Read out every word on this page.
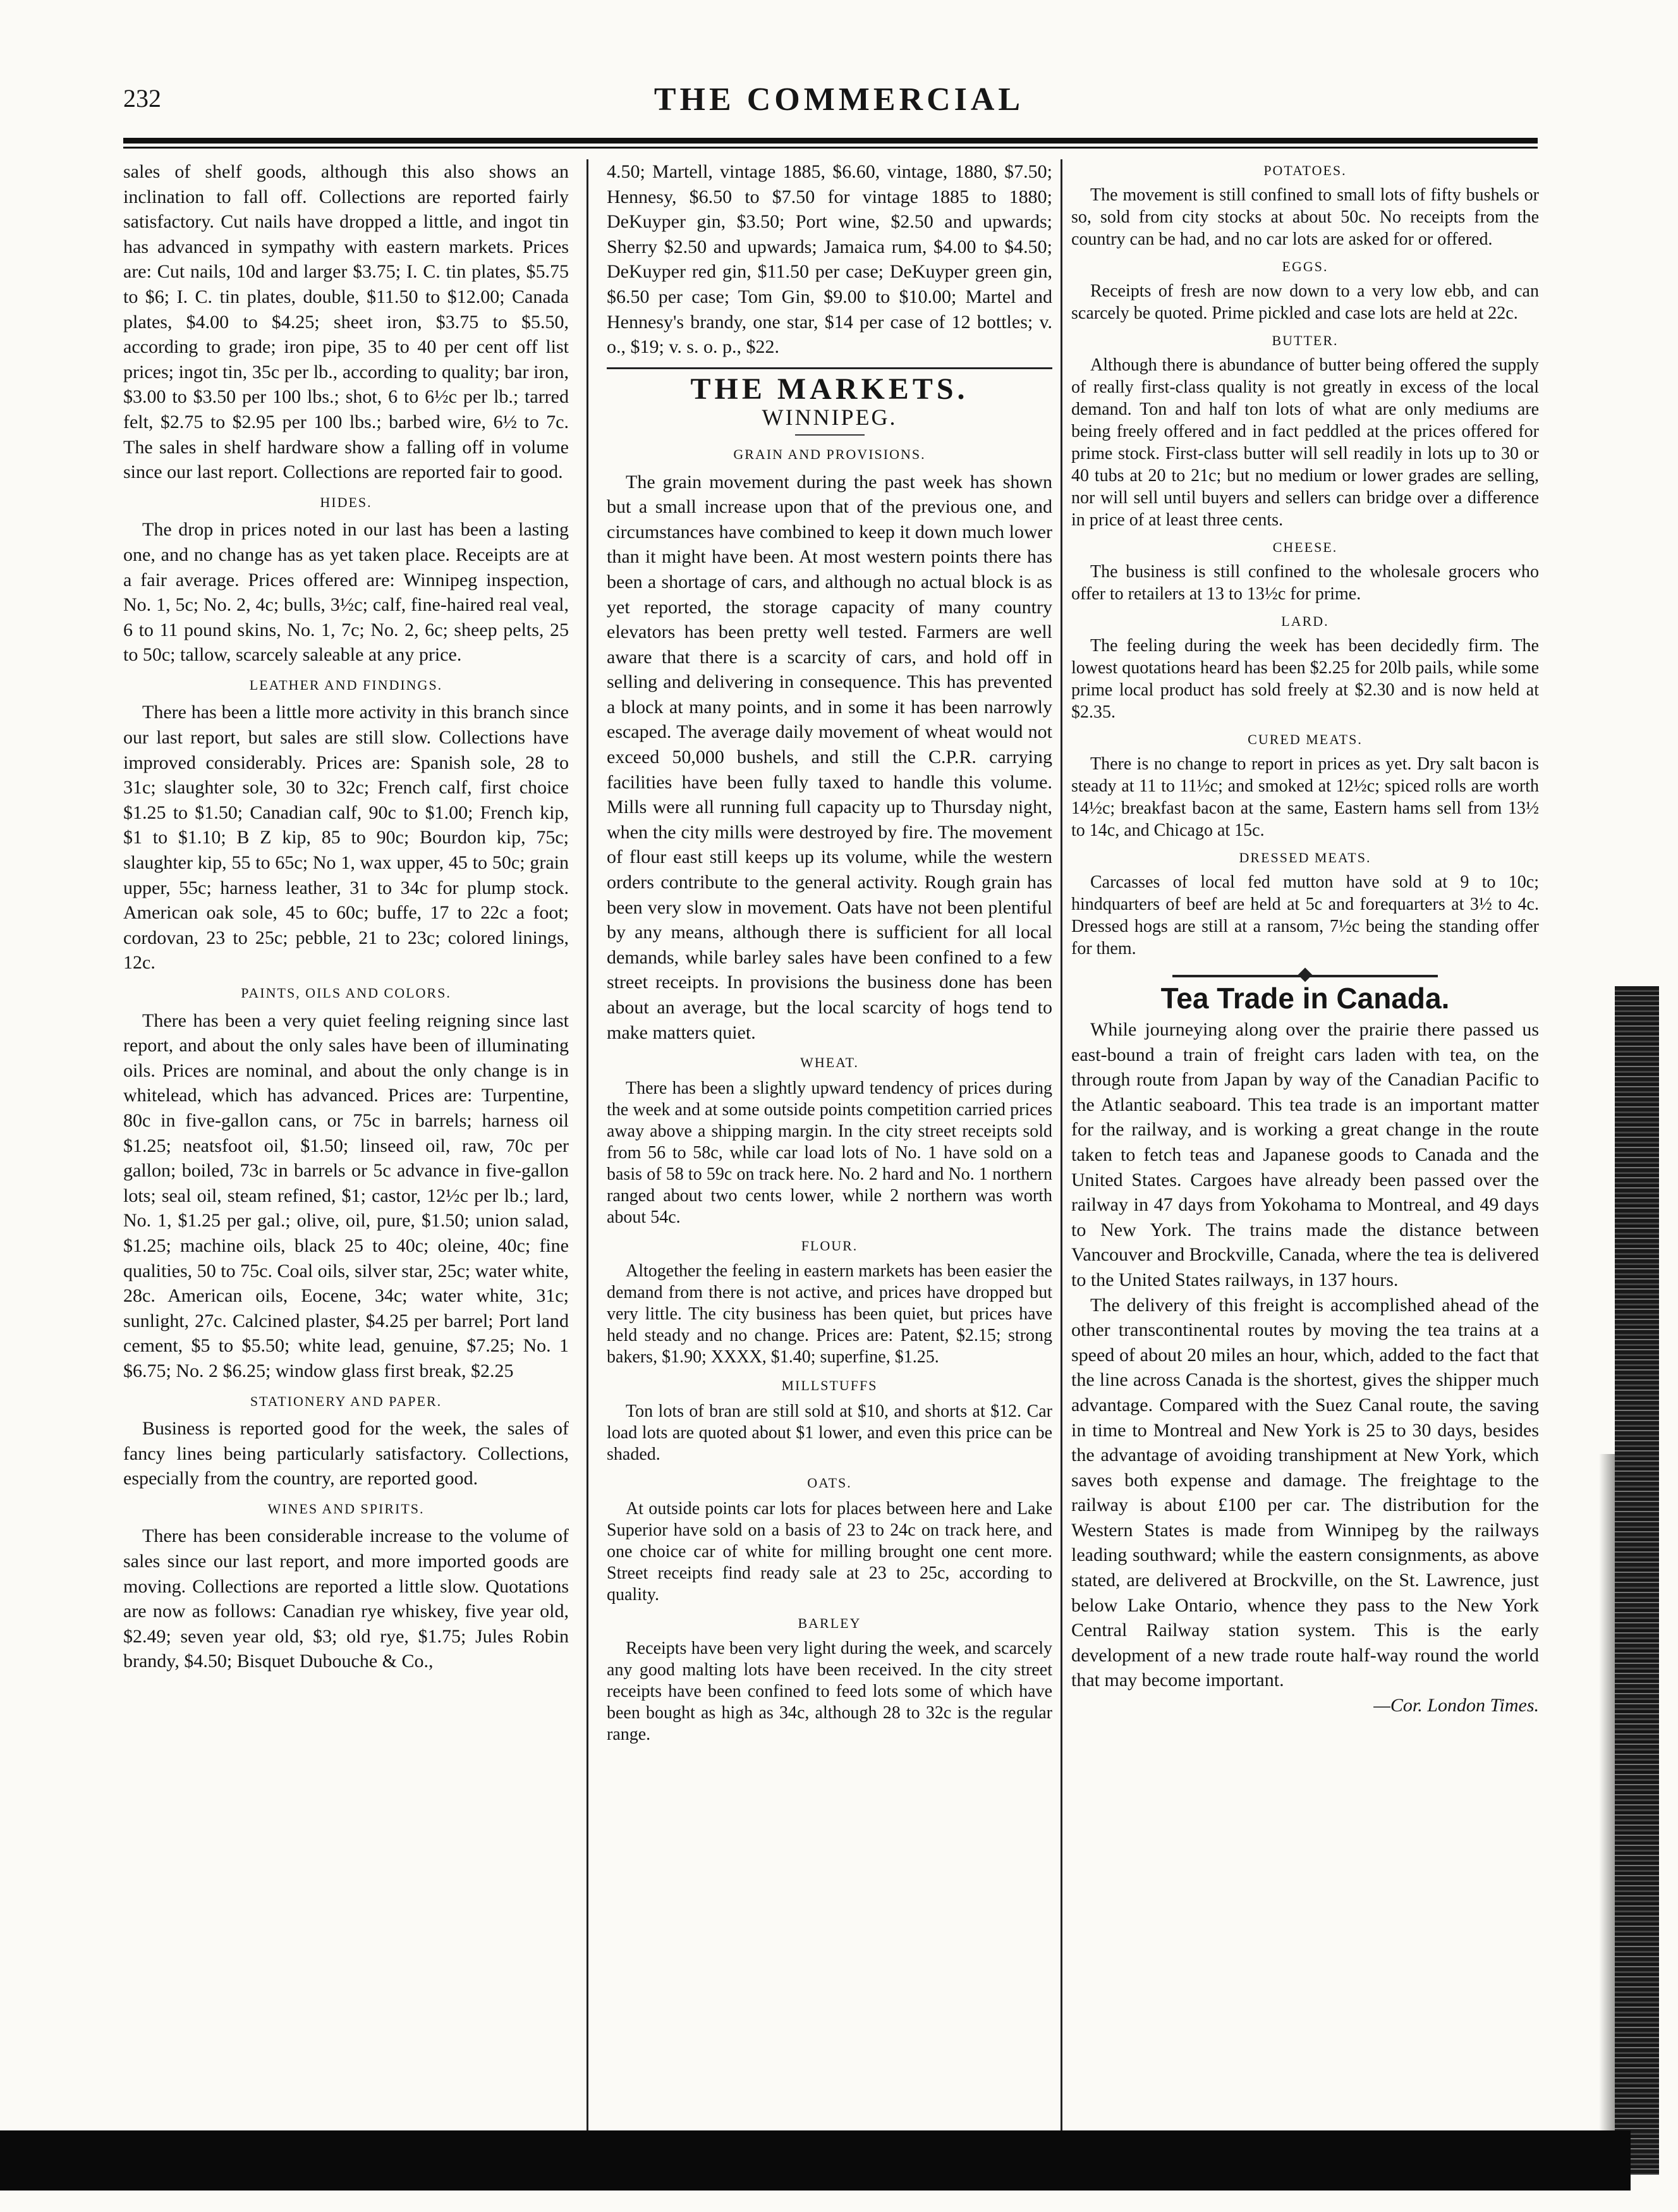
232	THE COMMERCIAL

sales of shelf goods, although this also shows an inclination to fall off. Collections are reported fairly satisfactory. Cut nails have dropped a little, and ingot tin has advanced in sympathy with eastern markets. Prices are: Cut nails, 10d and larger $3.75; I. C. tin plates, $5.75 to $6; I. C. tin plates, double, $11.50 to $12.00; Canada plates, $4.00 to $4.25; sheet iron, $3.75 to $5.50, according to grade; iron pipe, 35 to 40 per cent off list prices; ingot tin, 35c per lb., according to quality; bar iron, $3.00 to $3.50 per 100 lbs.; shot, 6 to 6½c per lb.; tarred felt, $2.75 to $2.95 per 100 lbs.; barbed wire, 6½ to 7c. The sales in shelf hardware show a falling off in volume since our last report. Collections are reported fair to good.

HIDES.

The drop in prices noted in our last has been a lasting one, and no change has as yet taken place. Receipts are at a fair average. Prices offered are: Winnipeg inspection, No. 1, 5c; No. 2, 4c; bulls, 3½c; calf, fine-haired real veal, 6 to 11 pound skins, No. 1, 7c; No. 2, 6c; sheep pelts, 25 to 50c; tallow, scarcely saleable at any price.

LEATHER AND FINDINGS.

There has been a little more activity in this branch since our last report, but sales are still slow. Collections have improved considerably. Prices are: Spanish sole, 28 to 31c; slaughter sole, 30 to 32c; French calf, first choice $1.25 to $1.50; Canadian calf, 90c to $1.00; French kip, $1 to $1.10; B Z kip, 85 to 90c; Bourdon kip, 75c; slaughter kip, 55 to 65c; No 1, wax upper, 45 to 50c; grain upper, 55c; harness leather, 31 to 34c for plump stock. American oak sole, 45 to 60c; buffe, 17 to 22c a foot; cordovan, 23 to 25c; pebble, 21 to 23c; colored linings, 12c.

PAINTS, OILS AND COLORS.

There has been a very quiet feeling reigning since last report, and about the only sales have been of illuminating oils. Prices are nominal, and about the only change is in whitelead, which has advanced. Prices are: Turpentine, 80c in five-gallon cans, or 75c in barrels; harness oil $1.25; neatsfoot oil, $1.50; linseed oil, raw, 70c per gallon; boiled, 73c in barrels or 5c advance in five-gallon lots; seal oil, steam refined, $1; castor, 12½c per lb.; lard, No. 1, $1.25 per gal.; olive, oil, pure, $1.50; union salad, $1.25; machine oils, black 25 to 40c; oleine, 40c; fine qualities, 50 to 75c. Coal oils, silver star, 25c; water white, 28c. American oils, Eocene, 34c; water white, 31c; sunlight, 27c. Calcined plaster, $4.25 per barrel; Port land cement, $5 to $5.50; white lead, genuine, $7.25; No. 1 $6.75; No. 2 $6.25; window glass first break, $2.25

STATIONERY AND PAPER.

Business is reported good for the week, the sales of fancy lines being particularly satisfactory. Collections, especially from the country, are reported good.

WINES AND SPIRITS.

There has been considerable increase to the volume of sales since our last report, and more imported goods are moving. Collections are reported a little slow. Quotations are now as follows: Canadian rye whiskey, five year old, $2.49; seven year old, $3; old rye, $1.75; Jules Robin brandy, $4.50; Bisquet Dubouche & Co.,

4.50; Martell, vintage 1885, $6.60, vintage, 1880, $7.50; Hennesy, $6.50 to $7.50 for vintage 1885 to 1880; DeKuyper gin, $3.50; Port wine, $2.50 and upwards; Sherry $2.50 and upwards; Jamaica rum, $4.00 to $4.50; DeKuyper red gin, $11.50 per case; DeKuyper green gin, $6.50 per case; Tom Gin, $9.00 to $10.00; Martel and Hennesy's brandy, one star, $14 per case of 12 bottles; v. o., $19; v. s. o. p., $22.

THE MARKETS.
WINNIPEG.
GRAIN AND PROVISIONS.

The grain movement during the past week has shown but a small increase upon that of the previous one, and circumstances have combined to keep it down much lower than it might have been. At most western points there has been a shortage of cars, and although no actual block is as yet reported, the storage capacity of many country elevators has been pretty well tested. Farmers are well aware that there is a scarcity of cars, and hold off in selling and delivering in consequence. This has prevented a block at many points, and in some it has been narrowly escaped. The average daily movement of wheat would not exceed 50,000 bushels, and still the C.P.R. carrying facilities have been fully taxed to handle this volume. Mills were all running full capacity up to Thursday night, when the city mills were destroyed by fire. The movement of flour east still keeps up its volume, while the western orders contribute to the general activity. Rough grain has been very slow in movement. Oats have not been plentiful by any means, although there is sufficient for all local demands, while barley sales have been confined to a few street receipts. In provisions the business done has been about an average, but the local scarcity of hogs tend to make matters quiet.

WHEAT.

There has been a slightly upward tendency of prices during the week and at some outside points competition carried prices away above a shipping margin. In the city street receipts sold from 56 to 58c, while car load lots of No. 1 have sold on a basis of 58 to 59c on track here. No. 2 hard and No. 1 northern ranged about two cents lower, while 2 northern was worth about 54c.

FLOUR.

Altogether the feeling in eastern markets has been easier the demand from there is not active, and prices have dropped but very little. The city business has been quiet, but prices have held steady and no change. Prices are: Patent, $2.15; strong bakers, $1.90; XXXX, $1.40; superfine, $1.25.

MILLSTUFFS

Ton lots of bran are still sold at $10, and shorts at $12. Car load lots are quoted about $1 lower, and even this price can be shaded.

OATS.

At outside points car lots for places between here and Lake Superior have sold on a basis of 23 to 24c on track here, and one choice car of white for milling brought one cent more. Street receipts find ready sale at 23 to 25c, according to quality.

BARLEY

Receipts have been very light during the week, and scarcely any good malting lots have been received. In the city street receipts have been confined to feed lots some of which have been bought as high as 34c, although 28 to 32c is the regular range.

POTATOES.

The movement is still confined to small lots of fifty bushels or so, sold from city stocks at about 50c. No receipts from the country can be had, and no car lots are asked for or offered.

EGGS.

Receipts of fresh are now down to a very low ebb, and can scarcely be quoted. Prime pickled and case lots are held at 22c.

BUTTER.

Although there is abundance of butter being offered the supply of really first-class quality is not greatly in excess of the local demand. Ton and half ton lots of what are only mediums are being freely offered and in fact peddled at the prices offered for prime stock. First-class butter will sell readily in lots up to 30 or 40 tubs at 20 to 21c; but no medium or lower grades are selling, nor will sell until buyers and sellers can bridge over a difference in price of at least three cents.

CHEESE.

The business is still confined to the wholesale grocers who offer to retailers at 13 to 13½c for prime.

LARD.

The feeling during the week has been decidedly firm. The lowest quotations heard has been $2.25 for 20lb pails, while some prime local product has sold freely at $2.30 and is now held at $2.35.

CURED MEATS.

There is no change to report in prices as yet. Dry salt bacon is steady at 11 to 11½c; and smoked at 12½c; spiced rolls are worth 14½c; breakfast bacon at the same, Eastern hams sell from 13½ to 14c, and Chicago at 15c.

DRESSED MEATS.

Carcasses of local fed mutton have sold at 9 to 10c; hindquarters of beef are held at 5c and forequarters at 3½ to 4c. Dressed hogs are still at a ransom, 7½c being the standing offer for them.

Tea Trade in Canada.

While journeying along over the prairie there passed us east-bound a train of freight cars laden with tea, on the through route from Japan by way of the Canadian Pacific to the Atlantic seaboard. This tea trade is an important matter for the railway, and is working a great change in the route taken to fetch teas and Japanese goods to Canada and the United States. Cargoes have already been passed over the railway in 47 days from Yokohama to Montreal, and 49 days to New York. The trains made the distance between Vancouver and Brockville, Canada, where the tea is delivered to the United States railways, in 137 hours.

The delivery of this freight is accomplished ahead of the other transcontinental routes by moving the tea trains at a speed of about 20 miles an hour, which, added to the fact that the line across Canada is the shortest, gives the shipper much advantage. Compared with the Suez Canal route, the saving in time to Montreal and New York is 25 to 30 days, besides the advantage of avoiding transhipment at New York, which saves both expense and damage. The freightage to the railway is about £100 per car. The distribution for the Western States is made from Winnipeg by the railways leading southward; while the eastern consignments, as above stated, are delivered at Brockville, on the St. Lawrence, just below Lake Ontario, whence they pass to the New York Central Railway station system. This is the early development of a new trade route half-way round the world that may become important.

—Cor. London Times.
